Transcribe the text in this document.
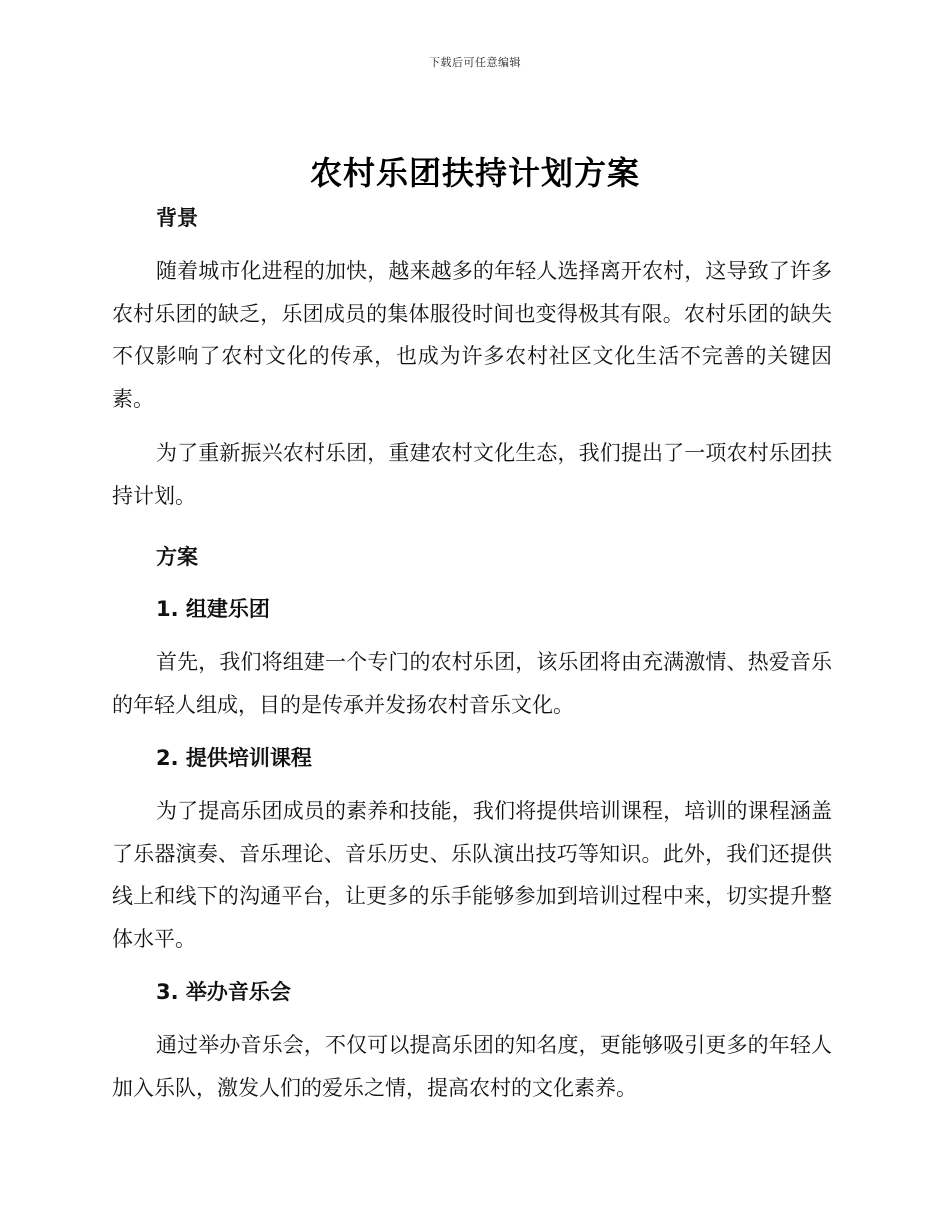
下载后可任意编辑
农村乐团扶持计划方案
背景

随着城市化进程的加快，越来越多的年轻人选择离开农村，这导致了许多农村乐团的缺乏，乐团成员的集体服役时间也变得极其有限。农村乐团的缺失不仅影响了农村文化的传承，也成为许多农村社区文化生活不完善的关键因素。

为了重新振兴农村乐团，重建农村文化生态，我们提出了一项农村乐团扶持计划。

方案
1. 组建乐团

首先，我们将组建一个专门的农村乐团，该乐团将由充满激情、热爱音乐的年轻人组成，目的是传承并发扬农村音乐文化。

2. 提供培训课程

为了提高乐团成员的素养和技能，我们将提供培训课程，培训的课程涵盖了乐器演奏、音乐理论、音乐历史、乐队演出技巧等知识。此外，我们还提供线上和线下的沟通平台，让更多的乐手能够参加到培训过程中来，切实提升整体水平。

3. 举办音乐会

通过举办音乐会，不仅可以提高乐团的知名度，更能够吸引更多的年轻人加入乐队，激发人们的爱乐之情，提高农村的文化素养。
